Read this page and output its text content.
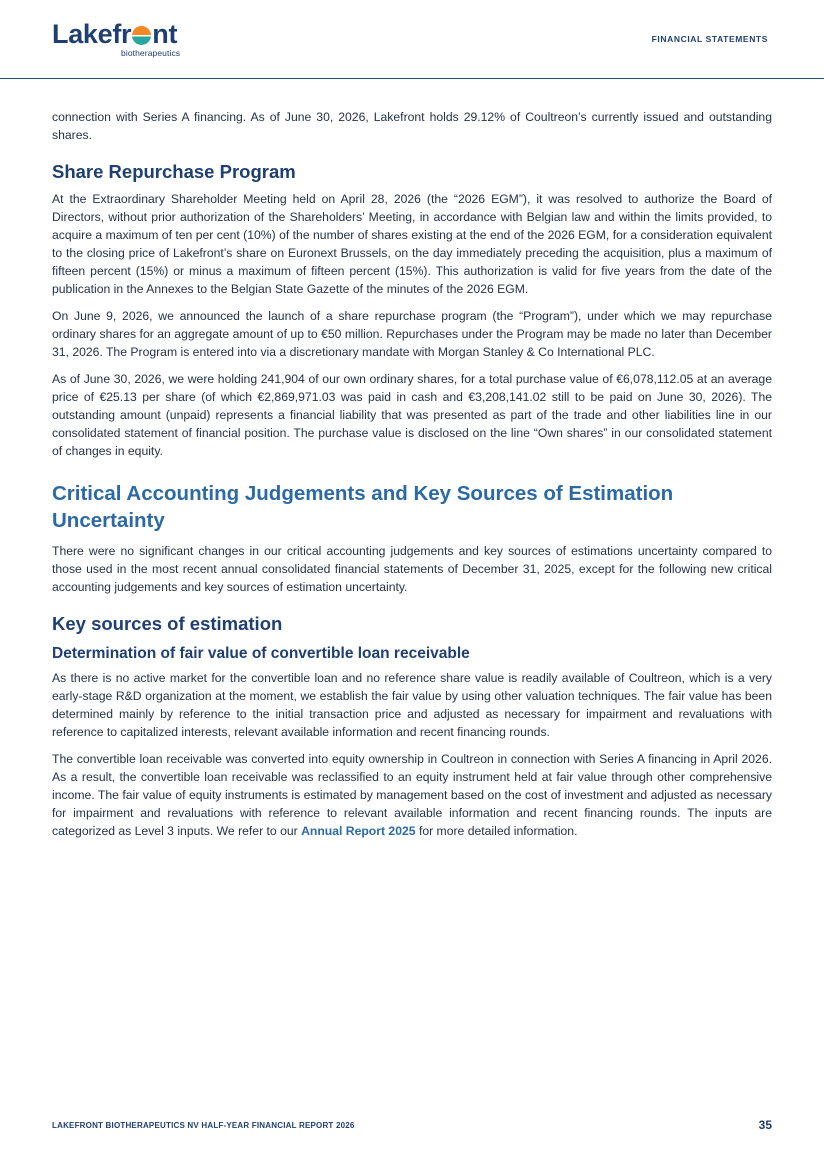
Lakefr nt
biotherapeutics
FINANCIAL STATEMENTS

connection with Series A financing. As of June 30, 2026, Lakefront holds 29.12% of Coultreon’s currently issued and outstanding shares.

Share Repurchase Program

At the Extraordinary Shareholder Meeting held on April 28, 2026 (the “2026 EGM”), it was resolved to authorize the Board of Directors, without prior authorization of the Shareholders’ Meeting, in accordance with Belgian law and within the limits provided, to acquire a maximum of ten per cent (10%) of the number of shares existing at the end of the 2026 EGM, for a consideration equivalent to the closing price of Lakefront’s share on Euronext Brussels, on the day immediately preceding the acquisition, plus a maximum of fifteen percent (15%) or minus a maximum of fifteen percent (15%). This authorization is valid for five years from the date of the publication in the Annexes to the Belgian State Gazette of the minutes of the 2026 EGM.

On June 9, 2026, we announced the launch of a share repurchase program (the “Program”), under which we may repurchase ordinary shares for an aggregate amount of up to €50 million. Repurchases under the Program may be made no later than December 31, 2026. The Program is entered into via a discretionary mandate with Morgan Stanley & Co International PLC.

As of June 30, 2026, we were holding 241,904 of our own ordinary shares, for a total purchase value of €6,078,112.05 at an average price of €25.13 per share (of which €2,869,971.03 was paid in cash and €3,208,141.02 still to be paid on June 30, 2026). The outstanding amount (unpaid) represents a financial liability that was presented as part of the trade and other liabilities line in our consolidated statement of financial position. The purchase value is disclosed on the line “Own shares” in our consolidated statement of changes in equity.

Critical Accounting Judgements and Key Sources of Estimation Uncertainty

There were no significant changes in our critical accounting judgements and key sources of estimations uncertainty compared to those used in the most recent annual consolidated financial statements of December 31, 2025, except for the following new critical accounting judgements and key sources of estimation uncertainty.

Key sources of estimation
Determination of fair value of convertible loan receivable

As there is no active market for the convertible loan and no reference share value is readily available of Coultreon, which is a very early-stage R&D organization at the moment, we establish the fair value by using other valuation techniques. The fair value has been determined mainly by reference to the initial transaction price and adjusted as necessary for impairment and revaluations with reference to capitalized interests, relevant available information and recent financing rounds.

The convertible loan receivable was converted into equity ownership in Coultreon in connection with Series A financing in April 2026. As a result, the convertible loan receivable was reclassified to an equity instrument held at fair value through other comprehensive income. The fair value of equity instruments is estimated by management based on the cost of investment and adjusted as necessary for impairment and revaluations with reference to relevant available information and recent financing rounds. The inputs are categorized as Level 3 inputs. We refer to our Annual Report 2025 for more detailed information.

LAKEFRONT BIOTHERAPEUTICS NV HALF-YEAR FINANCIAL REPORT 2026	35
